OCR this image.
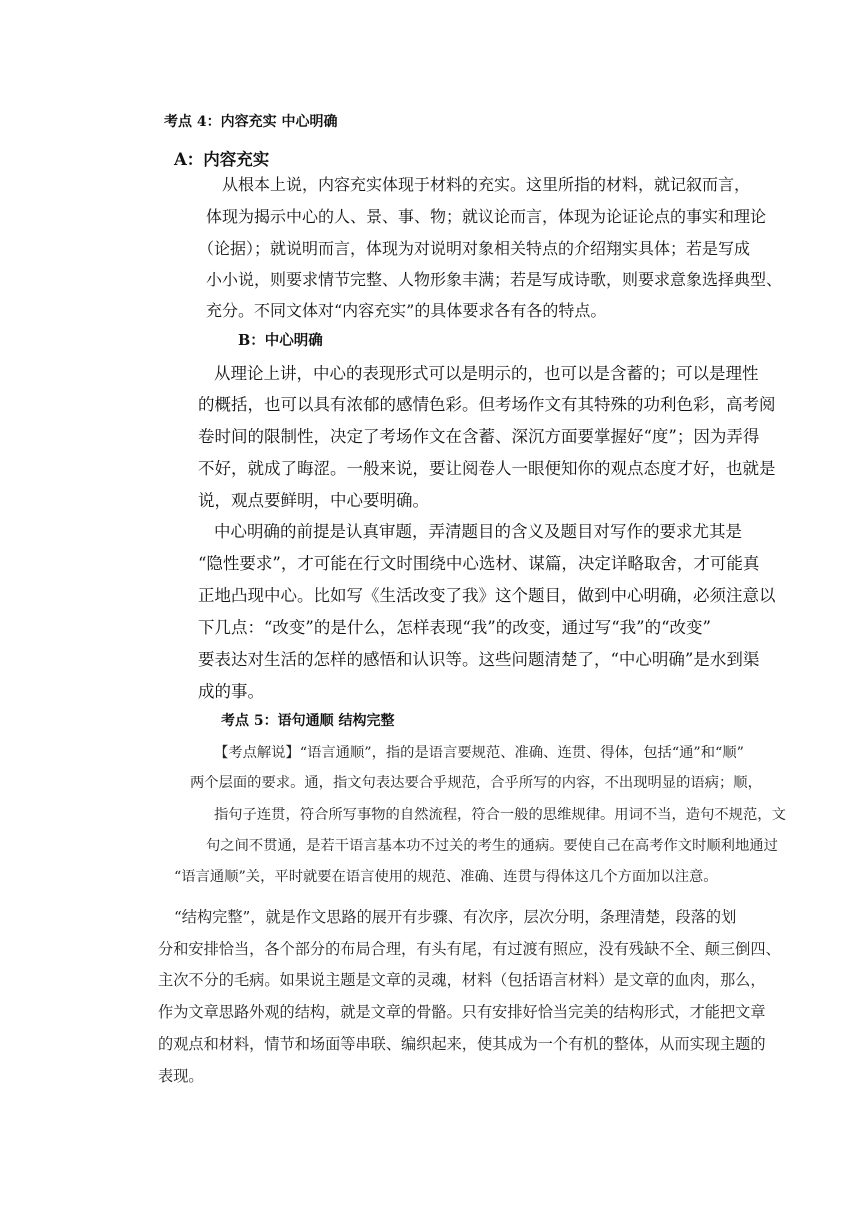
考点 4：内容充实 中心明确
A：内容充实
从根本上说，内容充实体现于材料的充实。这里所指的材料，就记叙而言，
体现为揭示中心的人、景、事、物；就议论而言，体现为论证论点的事实和理论
（论据）；就说明而言，体现为对说明对象相关特点的介绍翔实具体；若是写成
小小说，则要求情节完整、人物形象丰满；若是写成诗歌，则要求意象选择典型、
充分。不同文体对“内容充实”的具体要求各有各的特点。
B：中心明确
从理论上讲，中心的表现形式可以是明示的，也可以是含蓄的；可以是理性
的概括，也可以具有浓郁的感情色彩。但考场作文有其特殊的功利色彩，高考阅
卷时间的限制性，决定了考场作文在含蓄、深沉方面要掌握好“度”；因为弄得
不好，就成了晦涩。一般来说，要让阅卷人一眼便知你的观点态度才好，也就是
说，观点要鲜明，中心要明确。
中心明确的前提是认真审题，弄清题目的含义及题目对写作的要求尤其是
“隐性要求”，才可能在行文时围绕中心选材、谋篇，决定详略取舍，才可能真
正地凸现中心。比如写《生活改变了我》这个题目，做到中心明确，必须注意以
下几点：“改变”的是什么，怎样表现“我”的改变，通过写“我”的“改变”
要表达对生活的怎样的感悟和认识等。这些问题清楚了，“中心明确”是水到渠
成的事。
考点 5：语句通顺 结构完整
【考点解说】“语言通顺”，指的是语言要规范、准确、连贯、得体，包括“通”和“顺”
两个层面的要求。通，指文句表达要合乎规范，合乎所写的内容，不出现明显的语病；顺，
指句子连贯，符合所写事物的自然流程，符合一般的思维规律。用词不当，造句不规范，文
句之间不贯通，是若干语言基本功不过关的考生的通病。要使自己在高考作文时顺利地通过
“语言通顺”关，平时就要在语言使用的规范、准确、连贯与得体这几个方面加以注意。
“结构完整”，就是作文思路的展开有步骤、有次序，层次分明，条理清楚，段落的划
分和安排恰当，各个部分的布局合理，有头有尾，有过渡有照应，没有残缺不全、颠三倒四、
主次不分的毛病。如果说主题是文章的灵魂，材料（包括语言材料）是文章的血肉，那么，
作为文章思路外观的结构，就是文章的骨骼。只有安排好恰当完美的结构形式，才能把文章
的观点和材料，情节和场面等串联、编织起来，使其成为一个有机的整体，从而实现主题的
表现。
